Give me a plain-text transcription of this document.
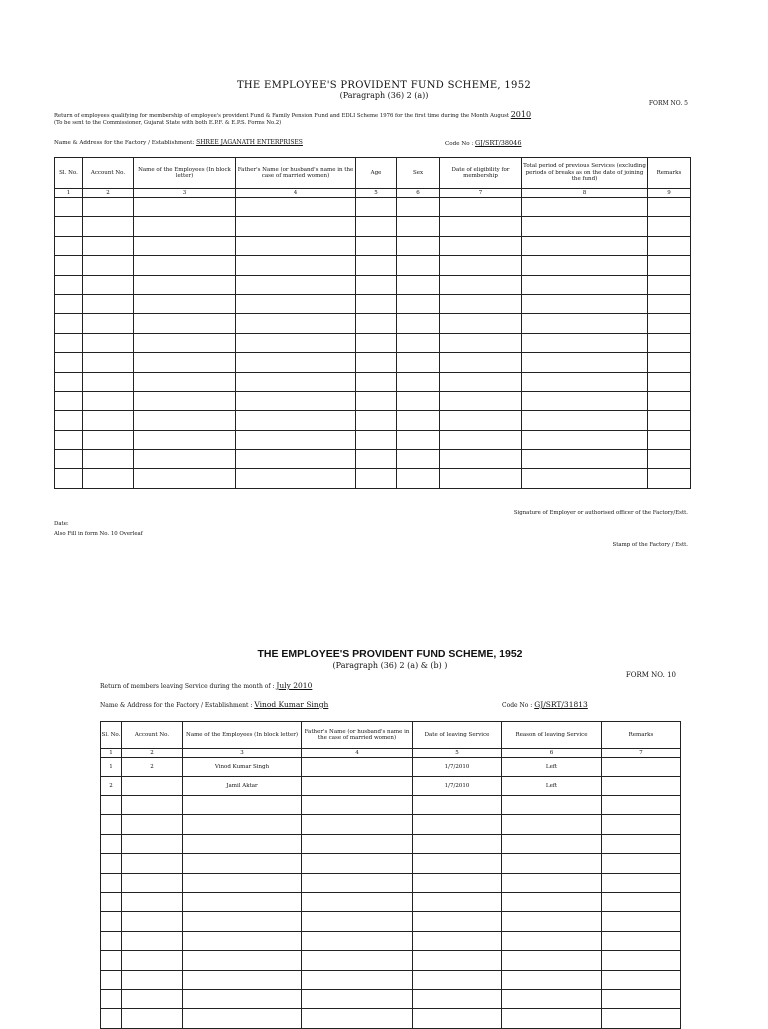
THE EMPLOYEE'S PROVIDENT FUND SCHEME, 1952
(Paragraph (36) 2 (a))
FORM NO. 5
Return of employees qualifying for membership of employee's provident Fund & Family Pension Fund and EDLI Scheme 1976 for the first time during the Month August 2010
(To be sent to the Commissioner, Gujarat State with both E.P.F. & E.P.S. Forms No.2)
Name & Address for the Factory / Establishment: SHREE JAGANATH ENTERPRISES	Code No : GJ/SRT/38046
Sl. No.	Account No.	Name of the Employees (In block letter)	Father's Name (or husband's name in the case of married women)	Age	Sex	Date of eligibility for membership	Total period of previous Services (excluding periods of breaks as on the date of joining the fund)	Remarks
1	2	3	4	5	6	7	8	9

Signature of Employer or authorised officer of the Factory/Estt.
Date:
Also Fill in form No. 10 Overleaf
Stamp of the Factory / Estt.
THE EMPLOYEE'S PROVIDENT FUND SCHEME, 1952
(Paragraph (36) 2 (a) & (b) )
FORM NO. 10
Return of members leaving Service during the month of : July 2010
Name & Address for the Factory / Establishment : Vinod Kumar Singh	Code No : GJ/SRT/31813
Sl. No.	Account No.	Name of the Employees (In block letter)	Father's Name (or husband's name in the case of married women)	Date of leaving Service	Reason of leaving Service	Remarks
1	2	3	4	5	6	7
1	2	Vinod Kumar Singh		1/7/2010	Left	
2		Jamil Aktar		1/7/2010	Left	
